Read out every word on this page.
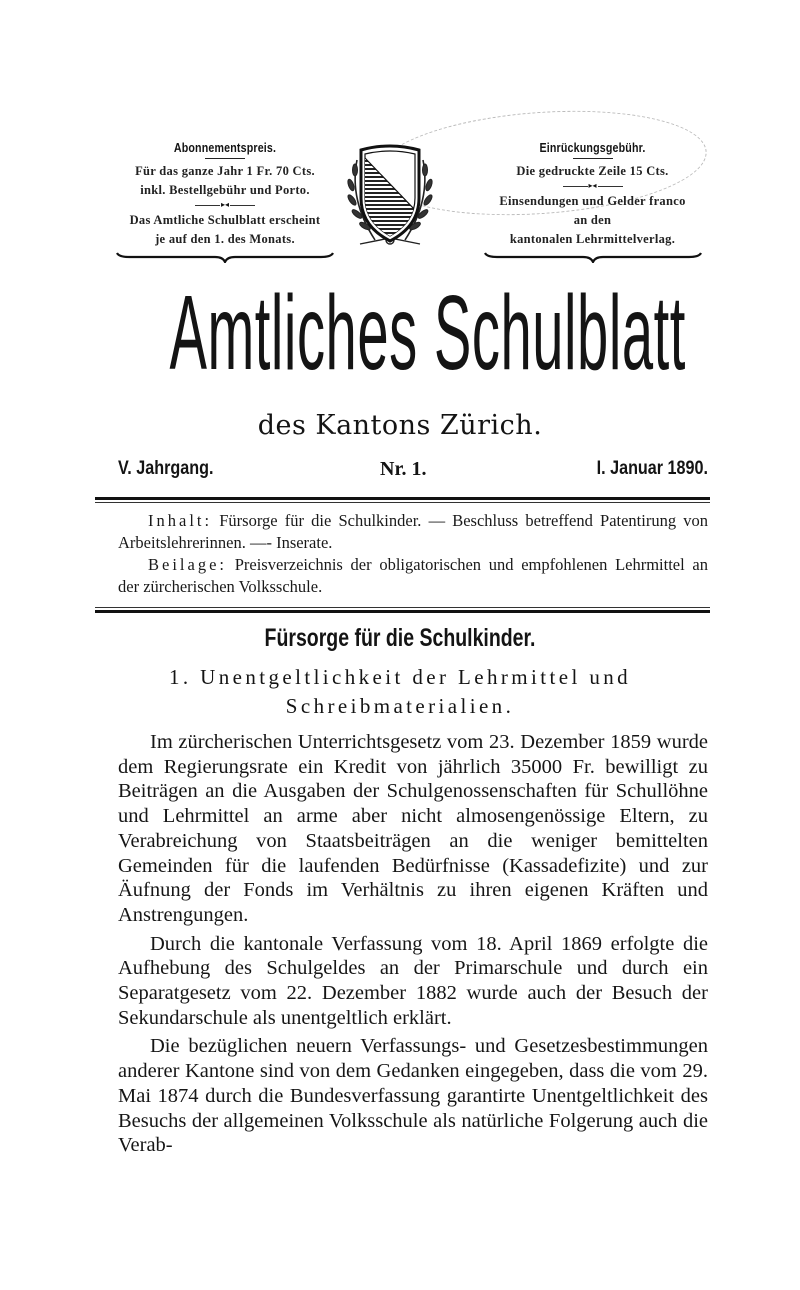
Abonnementspreis.
Für das ganze Jahr 1 Fr. 70 Cts.
inkl. Bestellgebühr und Porto.
▸◂
Das Amtliche Schulblatt erscheint
je auf den 1. des Monats.
Einrückungsgebühr.
Die gedruckte Zeile 15 Cts.
▸◂
Einsendungen und Gelder franco
an den
kantonalen Lehrmittelverlag.
Amtliches Schulblatt
des Kantons Zürich.
V. Jahrgang.	Nr. 1.	I. Januar 1890.

Inhalt: Fürsorge für die Schulkinder. — Beschluss betreffend Patentirung von Arbeitslehrerinnen. —- Inserate.

Beilage: Preisverzeichnis der obligatorischen und empfohlenen Lehrmittel an der zürcherischen Volksschule.

Fürsorge für die Schulkinder.
1. Unentgeltlichkeit der Lehrmittel und
Schreibmaterialien.

Im zürcherischen Unterrichtsgesetz vom 23. Dezember 1859 wurde dem Regierungsrate ein Kredit von jährlich 35000 Fr. bewilligt zu Beiträgen an die Ausgaben der Schulgenossenschaften für Schullöhne und Lehrmittel an arme aber nicht almosengenössige Eltern, zu Verabreichung von Staatsbeiträgen an die weniger bemittelten Gemeinden für die laufenden Bedürfnisse (Kassadefizite) und zur Äufnung der Fonds im Verhältnis zu ihren eigenen Kräften und Anstrengungen.

Durch die kantonale Verfassung vom 18. April 1869 erfolgte die Aufhebung des Schulgeldes an der Primarschule und durch ein Separatgesetz vom 22. Dezember 1882 wurde auch der Besuch der Sekundarschule als unentgeltlich erklärt.

Die bezüglichen neuern Verfassungs- und Gesetzesbestimmungen anderer Kantone sind von dem Gedanken eingegeben, dass die vom 29. Mai 1874 durch die Bundesverfassung garantirte Unentgeltlichkeit des Besuchs der allgemeinen Volksschule als natürliche Folgerung auch die Verab-
